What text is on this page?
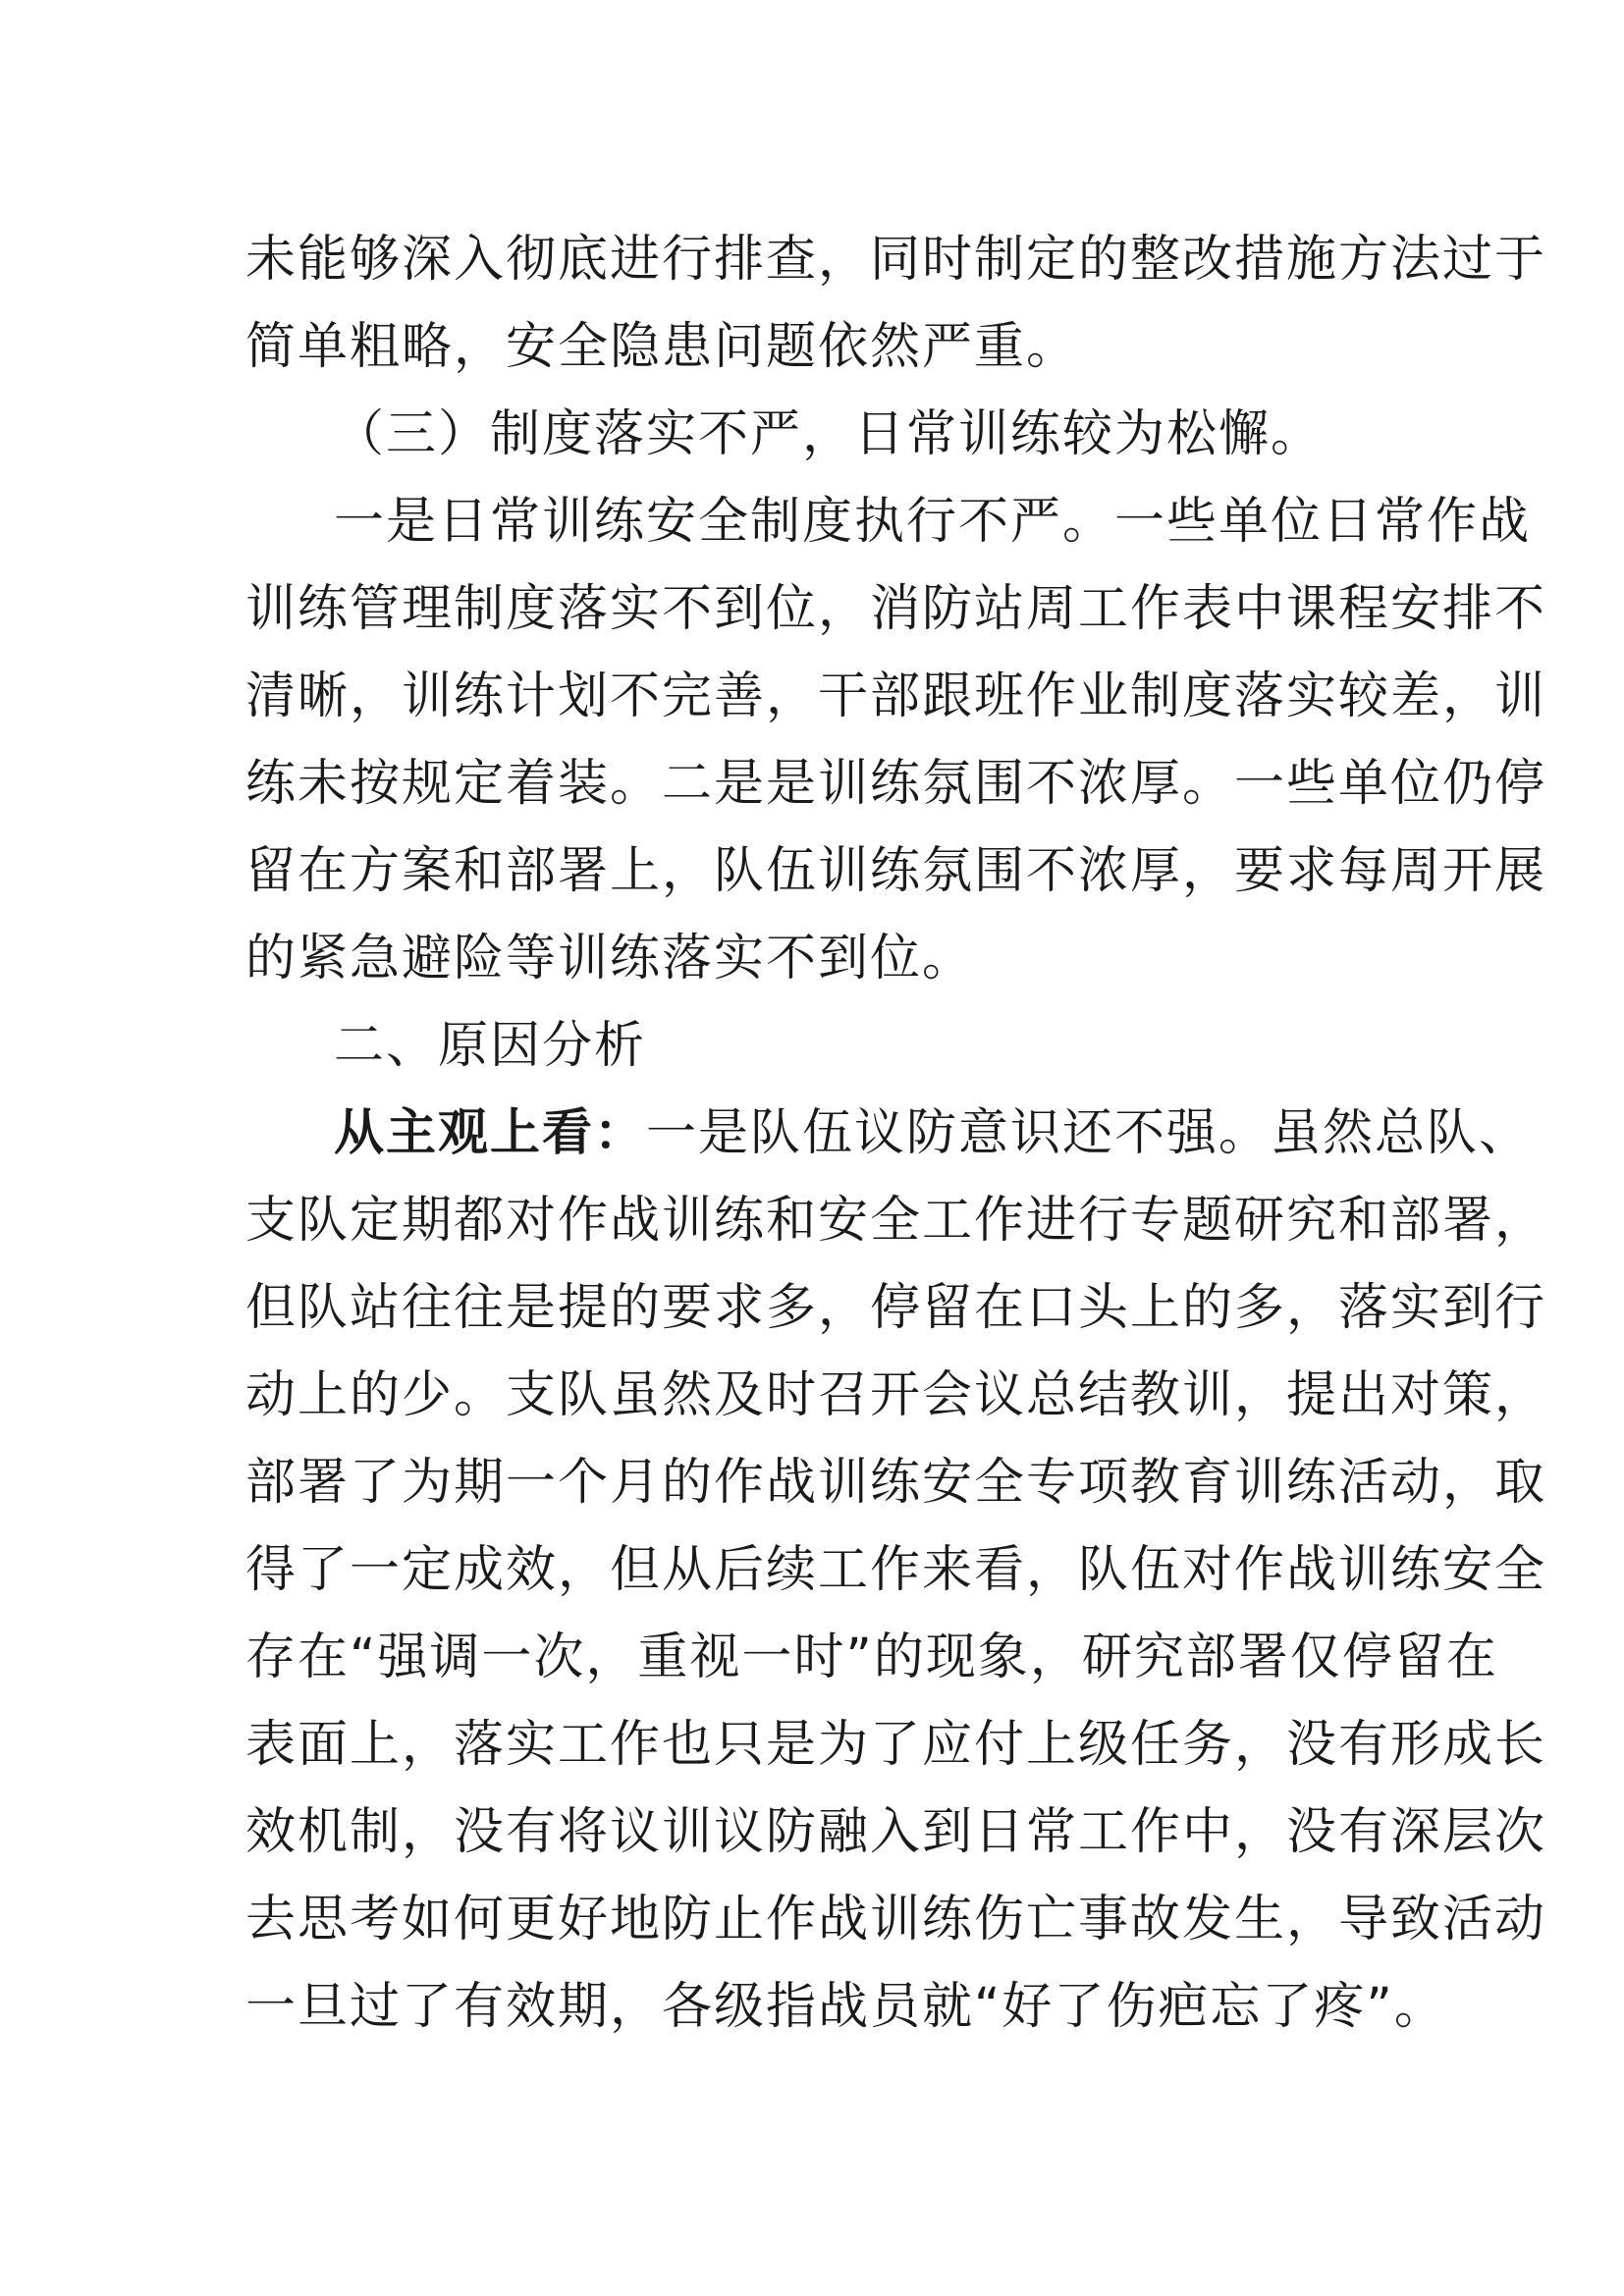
未能够深入彻底进行排查，同时制定的整改措施方法过于
简单粗略，安全隐患问题依然严重。
（三）制度落实不严，日常训练较为松懈。
一是日常训练安全制度执行不严。一些单位日常作战
训练管理制度落实不到位，消防站周工作表中课程安排不
清晰，训练计划不完善，干部跟班作业制度落实较差，训
练未按规定着装。二是是训练氛围不浓厚。一些单位仍停
留在方案和部署上，队伍训练氛围不浓厚，要求每周开展
的紧急避险等训练落实不到位。
二、原因分析
从主观上看：一是队伍议防意识还不强。虽然总队、
支队定期都对作战训练和安全工作进行专题研究和部署，
但队站往往是提的要求多，停留在口头上的多，落实到行
动上的少。支队虽然及时召开会议总结教训，提出对策，
部署了为期一个月的作战训练安全专项教育训练活动，取
得了一定成效，但从后续工作来看，队伍对作战训练安全
存在“强调一次，重视一时”的现象，研究部署仅停留在
表面上，落实工作也只是为了应付上级任务，没有形成长
效机制，没有将议训议防融入到日常工作中，没有深层次
去思考如何更好地防止作战训练伤亡事故发生，导致活动
一旦过了有效期，各级指战员就“好了伤疤忘了疼”。
